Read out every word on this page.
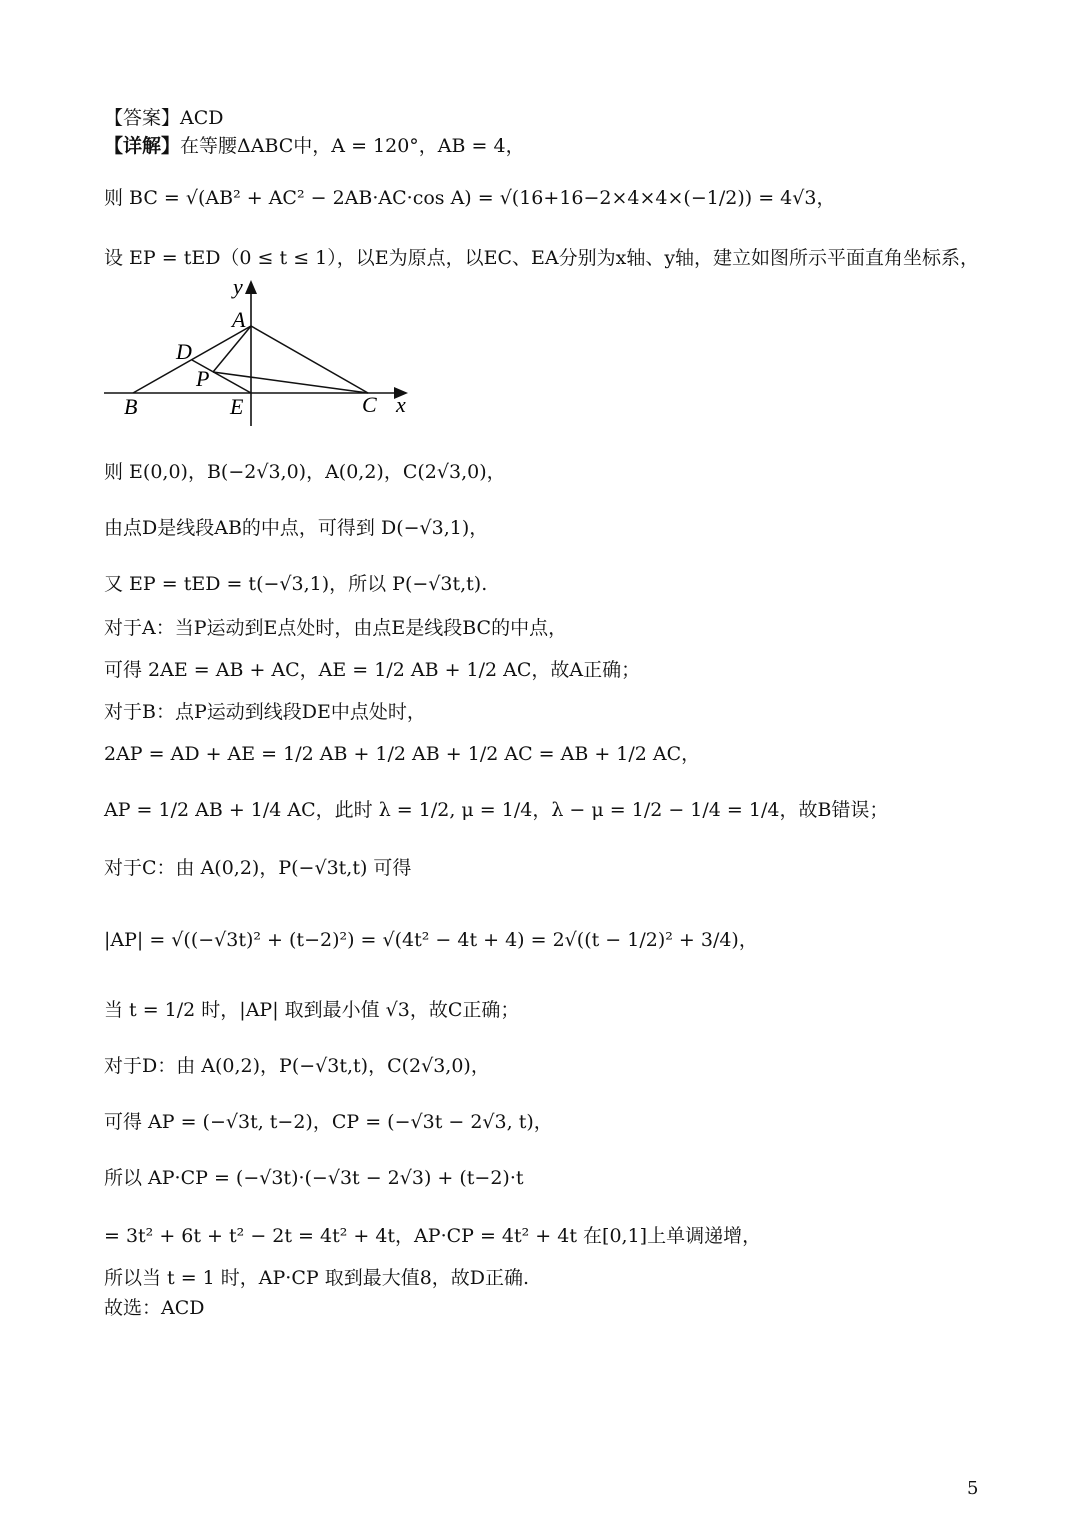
【答案】ACD
【详解】在等腰ΔABC中，A = 120°，AB = 4，
则 BC = √(AB² + AC² − 2AB·AC·cos A) = √(16+16−2×4×4×(−1/2)) = 4√3，
设 EP = tED（0 ≤ t ≤ 1），以E为原点，以EC、EA分别为x轴、y轴，建立如图所示平面直角坐标系，
y
A
D
P
B	E	C x
则 E(0,0)，B(−2√3,0)，A(0,2)，C(2√3,0)，
由点D是线段AB的中点，可得到 D(−√3,1)，
又 EP = tED = t(−√3,1)，所以 P(−√3t,t).
对于A：当P运动到E点处时，由点E是线段BC的中点，
可得 2AE = AB + AC，AE = 1/2 AB + 1/2 AC，故A正确；
对于B：点P运动到线段DE中点处时，
2AP = AD + AE = 1/2 AB + 1/2 AB + 1/2 AC = AB + 1/2 AC，
AP = 1/2 AB + 1/4 AC，此时 λ = 1/2, μ = 1/4，λ − μ = 1/2 − 1/4 = 1/4，故B错误；
对于C：由 A(0,2)，P(−√3t,t) 可得
|AP| = √((−√3t)² + (t−2)²) = √(4t² − 4t + 4) = 2√((t − 1/2)² + 3/4)，
当 t = 1/2 时，|AP| 取到最小值 √3，故C正确；
对于D：由 A(0,2)，P(−√3t,t)，C(2√3,0)，
可得 AP = (−√3t, t−2)，CP = (−√3t − 2√3, t)，
所以 AP·CP = (−√3t)·(−√3t − 2√3) + (t−2)·t
= 3t² + 6t + t² − 2t = 4t² + 4t，AP·CP = 4t² + 4t 在[0,1]上单调递增，
所以当 t = 1 时，AP·CP 取到最大值8，故D正确.
故选：ACD
5
